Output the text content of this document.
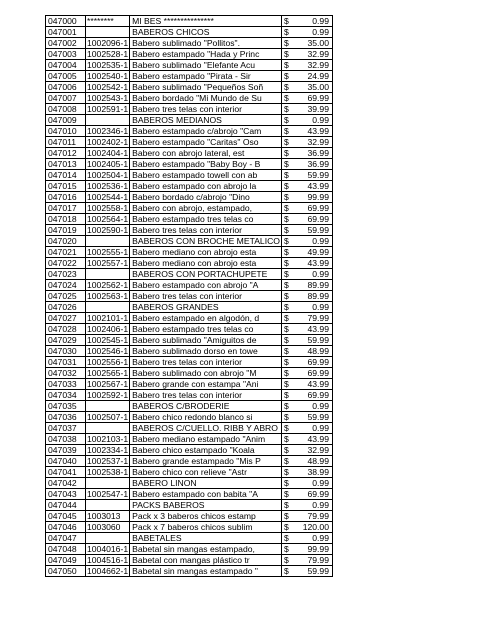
047000	********	MI BES ***************	$	0.99
047001		BABEROS CHICOS	$	0.99
047002	1002096-1	Babero sublimado "Pollitos".	$	35.00
047003	1002528-1	Babero estampado "Hada y Princ	$	32.99
047004	1002535-1	Babero sublimado "Elefante Acu	$	32.99
047005	1002540-1	Babero estampado "Pirata - Sir	$	24.99
047006	1002542-1	Babero sublimado "Pequeños Soñ	$	35.00
047007	1002543-1	Babero bordado "Mi Mundo de Su	$	69.99
047008	1002591-1	Babero tres telas con interior	$	39.99
047009		BABEROS MEDIANOS	$	0.99
047010	1002346-1	Babero estampado c/abrojo "Cam	$	43.99
047011	1002402-1	Babero estampado "Caritas" Oso	$	32.99
047012	1002404-1	Babero con abrojo lateral, est	$	36.99
047013	1002405-1	Babero estampado "Baby Boy - B	$	36.99
047014	1002504-1	Babero estampado towell con ab	$	59.99
047015	1002536-1	Babero estampado con abrojo la	$	43.99
047016	1002544-1	Babero bordado c/abrojo "Dino	$	99.99
047017	1002558-1	Babero con abrojo, estampado,	$	69.99
047018	1002564-1	Babero estampado tres telas co	$	69.99
047019	1002590-1	Babero tres telas con interior	$	59.99
047020		BABEROS CON BROCHE METALICO	$	0.99
047021	1002555-1	Babero mediano con abrojo esta	$	49.99
047022	1002557-1	Babero mediano con abrojo esta	$	43.99
047023		BABEROS CON PORTACHUPETE	$	0.99
047024	1002562-1	Babero estampado con abrojo "A	$	89.99
047025	1002563-1	Babero tres telas con interior	$	89.99
047026		BABEROS GRANDES	$	0.99
047027	1002101-1	Babero estampado en algodón, d	$	79.99
047028	1002406-1	Babero estampado tres telas co	$	43.99
047029	1002545-1	Babero sublimado "Amiguitos de	$	59.99
047030	1002546-1	Babero sublimado dorso en towe	$	48.99
047031	1002556-1	Babero tres telas con interior	$	69.99
047032	1002565-1	Babero sublimado con abrojo "M	$	69.99
047033	1002567-1	Babero grande con estampa "Ani	$	43.99
047034	1002592-1	Babero tres telas con interior	$	69.99
047035		BABEROS C/BRODERIE	$	0.99
047036	1002507-1	Babero chico redondo blanco si	$	59.99
047037		BABEROS C/CUELLO. RIBB Y ABRO	$	0.99
047038	1002103-1	Babero mediano estampado "Anim	$	43.99
047039	1002334-1	Babero chico estampado "Koala	$	32.99
047040	1002537-1	Babero grande estampado "Mis P	$	48.99
047041	1002538-1	Babero chico con relieve "Astr	$	38.99
047042		BABERO LINON	$	0.99
047043	1002547-1	Babero estampado con babita "A	$	69.99
047044		PACKS BABEROS	$	0.99
047045	1003013	Pack x 3 baberos chicos estamp	$	79.99
047046	1003060	Pack x 7 baberos chicos sublim	$	120.00
047047		BABETALES	$	0.99
047048	1004016-1	Babetal sin mangas estampado,	$	99.99
047049	1004516-1	Babetal con mangas plástico tr	$	79.99
047050	1004662-1	Babetal sin mangas estampado "	$	59.99
